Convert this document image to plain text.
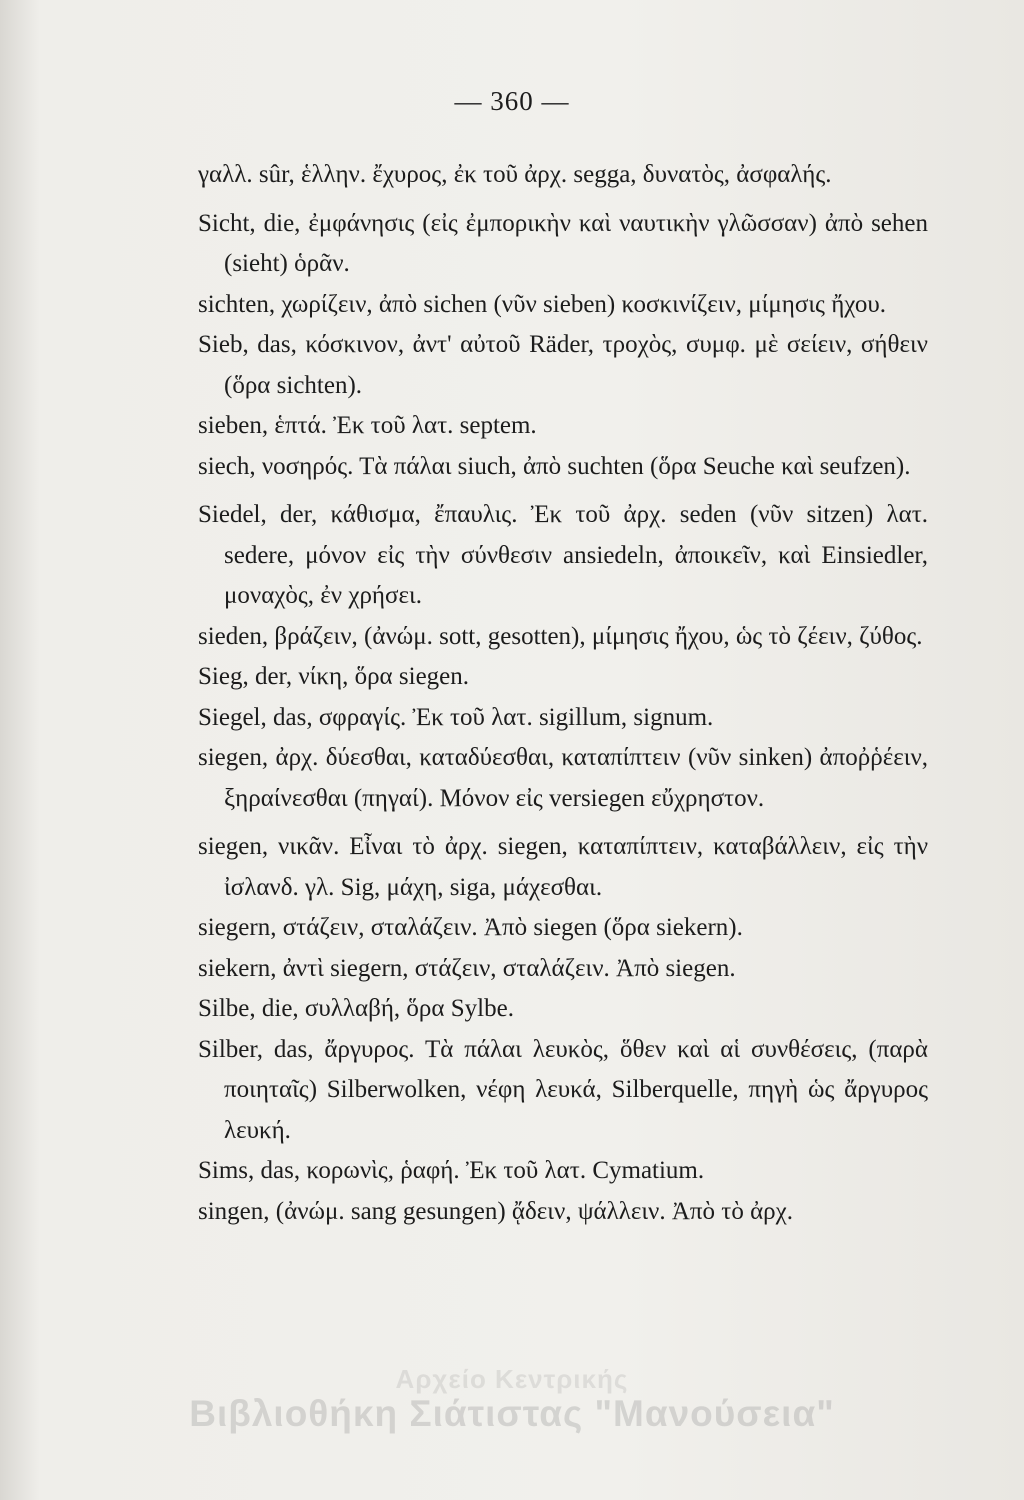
— 360 —

γαλλ. sûr, ἑλλην. ἔχυρος, ἐκ τοῦ ἀρχ. segga, δυνατὸς, ἀσφαλής.

Sicht, die, ἐμφάνησις (εἰς ἐμπορικὴν καὶ ναυτικὴν γλῶσσαν) ἀπὸ sehen (sieht) ὁρᾶν.

sichten, χωρίζειν, ἀπὸ sichen (νῦν sieben) κοσκινίζειν, μίμησις ἤχου.

Sieb, das, κόσκινον, ἀντ' αὐτοῦ Räder, τροχὸς, συμφ. μὲ σείειν, σήθειν (ὅρα sichten).

sieben, ἑπτά. Ἐκ τοῦ λατ. septem.

siech, νοσηρός. Τὰ πάλαι siuch, ἀπὸ suchten (ὅρα Seuche καὶ seufzen).

Siedel, der, κάθισμα, ἔπαυλις. Ἐκ τοῦ ἀρχ. seden (νῦν sitzen) λατ. sedere, μόνον εἰς τὴν σύνθεσιν ansiedeln, ἀποικεῖν, καὶ Einsiedler, μοναχὸς, ἐν χρήσει.

sieden, βράζειν, (ἀνώμ. sott, gesotten), μίμησις ἤχου, ὡς τὸ ζέειν, ζύθος.

Sieg, der, νίκη, ὅρα siegen.

Siegel, das, σφραγίς. Ἐκ τοῦ λατ. sigillum, signum.

siegen, ἀρχ. δύεσθαι, καταδύεσθαι, καταπίπτειν (νῦν sinken) ἀποῤῥέειν, ξηραίνεσθαι (πηγαί). Μόνον εἰς versiegen εὔχρηστον.

siegen, νικᾶν. Εἶναι τὸ ἀρχ. siegen, καταπίπτειν, καταβάλλειν, εἰς τὴν ἰσλανδ. γλ. Sig, μάχη, siga, μάχεσθαι.

siegern, στάζειν, σταλάζειν. Ἀπὸ siegen (ὅρα siekern).

siekern, ἀντὶ siegern, στάζειν, σταλάζειν. Ἀπὸ siegen.

Silbe, die, συλλαβή, ὅρα Sylbe.

Silber, das, ἄργυρος. Τὰ πάλαι λευκὸς, ὅθεν καὶ αἱ συνθέσεις, (παρὰ ποιηταῖς) Silberwolken, νέφη λευκά, Silberquelle, πηγὴ ὡς ἄργυρος λευκή.

Sims, das, κορωνὶς, ῥαφή. Ἐκ τοῦ λατ. Cymatium.

singen, (ἀνώμ. sang gesungen) ᾄδειν, ψάλλειν. Ἀπὸ τὸ ἀρχ.

Αρχείο Κεντρικής
Βιβλιοθήκη Σιάτιστας "Μανούσεια"
